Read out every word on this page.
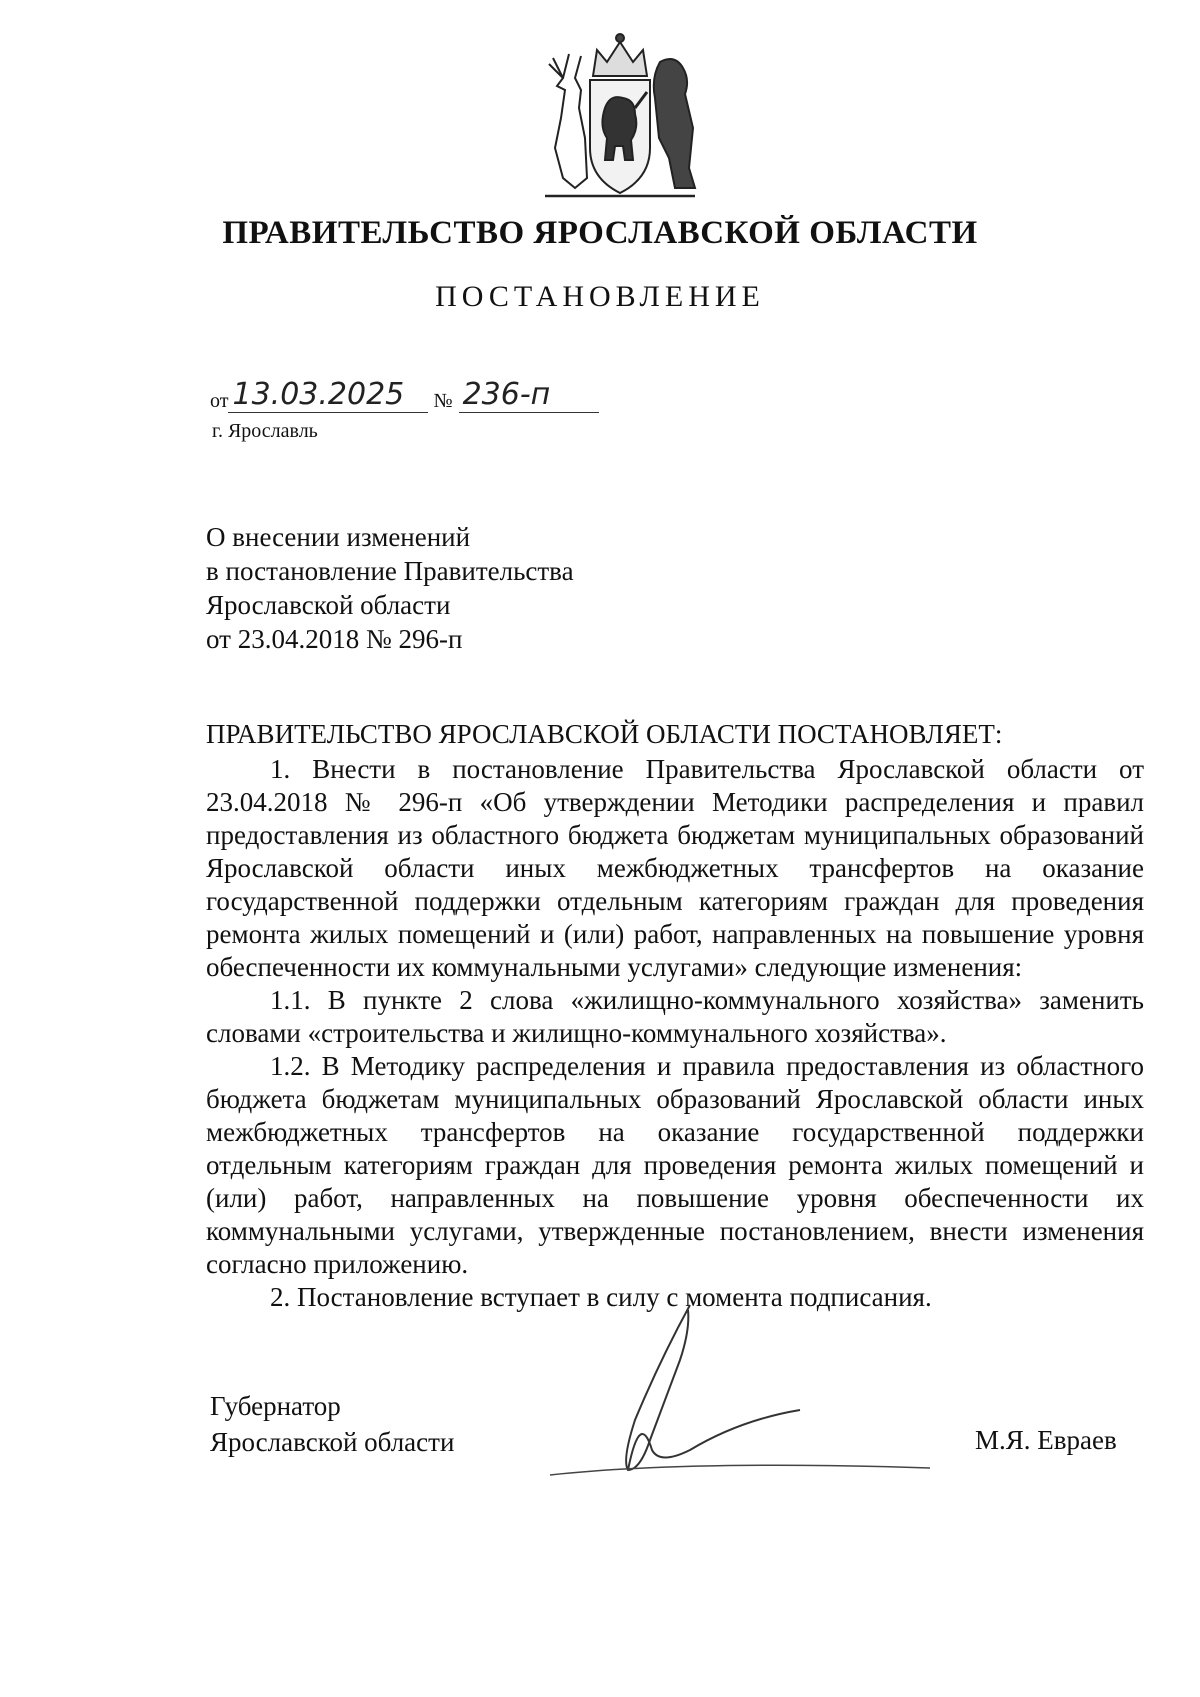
ПРАВИТЕЛЬСТВО ЯРОСЛАВСКОЙ ОБЛАСТИ
ПОСТАНОВЛЕНИЕ
от 13.03.2025 № 236-п
г. Ярославль
О внесении изменений
в постановление Правительства
Ярославской области
от 23.04.2018 № 296-п

ПРАВИТЕЛЬСТВО ЯРОСЛАВСКОЙ ОБЛАСТИ ПОСТАНОВЛЯЕТ:

1. Внести в постановление Правительства Ярославской области от 23.04.2018 № 296-п «Об утверждении Методики распределения и правил предоставления из областного бюджета бюджетам муниципальных образований Ярославской области иных межбюджетных трансфертов на оказание государственной поддержки отдельным категориям граждан для проведения ремонта жилых помещений и (или) работ, направленных на повышение уровня обеспеченности их коммунальными услугами» следующие изменения:

1.1. В пункте 2 слова «жилищно-коммунального хозяйства» заменить словами «строительства и жилищно-коммунального хозяйства».

1.2. В Методику распределения и правила предоставления из областного бюджета бюджетам муниципальных образований Ярославской области иных межбюджетных трансфертов на оказание государственной поддержки отдельным категориям граждан для проведения ремонта жилых помещений и (или) работ, направленных на повышение уровня обеспеченности их коммунальными услугами, утвержденные постановлением, внести изменения согласно приложению.

2. Постановление вступает в силу с момента подписания.

Губернатор
Ярославской области	М.Я. Евраев
